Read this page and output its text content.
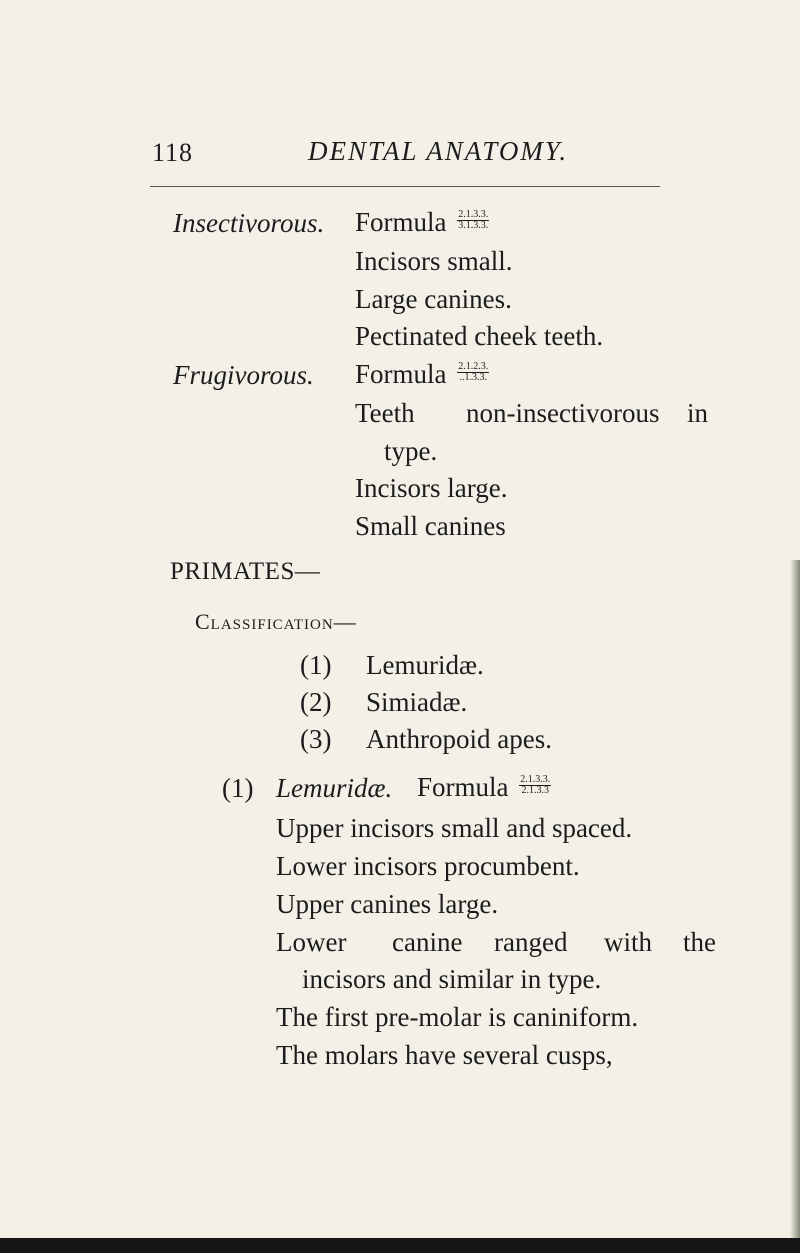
118	DENTAL ANATOMY.
Insectivorous. Formula $\frac{2.1.3.3.}{3.1.3.3.}$
Incisors small.
Large canines.
Pectinated cheek teeth.
Frugivorous. Formula $\frac{2.1.2.3.}{..1.3.3.}$
Teeth non-insectivorous in
type.
Incisors large.
Small canines
PRIMATES—
Classification—
(1) Lemuridæ.
(2) Simiadæ.
(3) Anthropoid apes.
(1) Lemuridæ. Formula $\frac{2.1.3.3.}{2.1.3.3}$
Upper incisors small and spaced.
Lower incisors procumbent.
Upper canines large.
Lower canine ranged with the
incisors and similar in type.
The first pre-molar is caniniform.
The molars have several cusps,
